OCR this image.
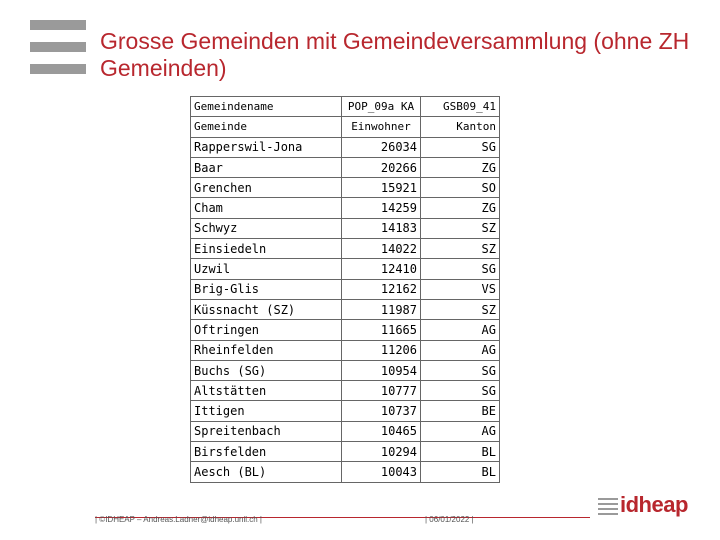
Grosse Gemeinden mit Gemeindeversammlung (ohne ZH Gemeinden)
Gemeindename	POP_09a KA	GSB09_41
Gemeinde	Einwohner	Kanton
Rapperswil-Jona	26034	SG
Baar	20266	ZG
Grenchen	15921	SO
Cham	14259	ZG
Schwyz	14183	SZ
Einsiedeln	14022	SZ
Uzwil	12410	SG
Brig-Glis	12162	VS
Küssnacht (SZ)	11987	SZ
Oftringen	11665	AG
Rheinfelden	11206	AG
Buchs (SG)	10954	SG
Altstätten	10777	SG
Ittigen	10737	BE
Spreitenbach	10465	AG
Birsfelden	10294	BL
Aesch (BL)	10043	BL
| ©IDHEAP – Andreas.Ladner@idheap.unil.ch |	| 06/01/2022 |
idheap
